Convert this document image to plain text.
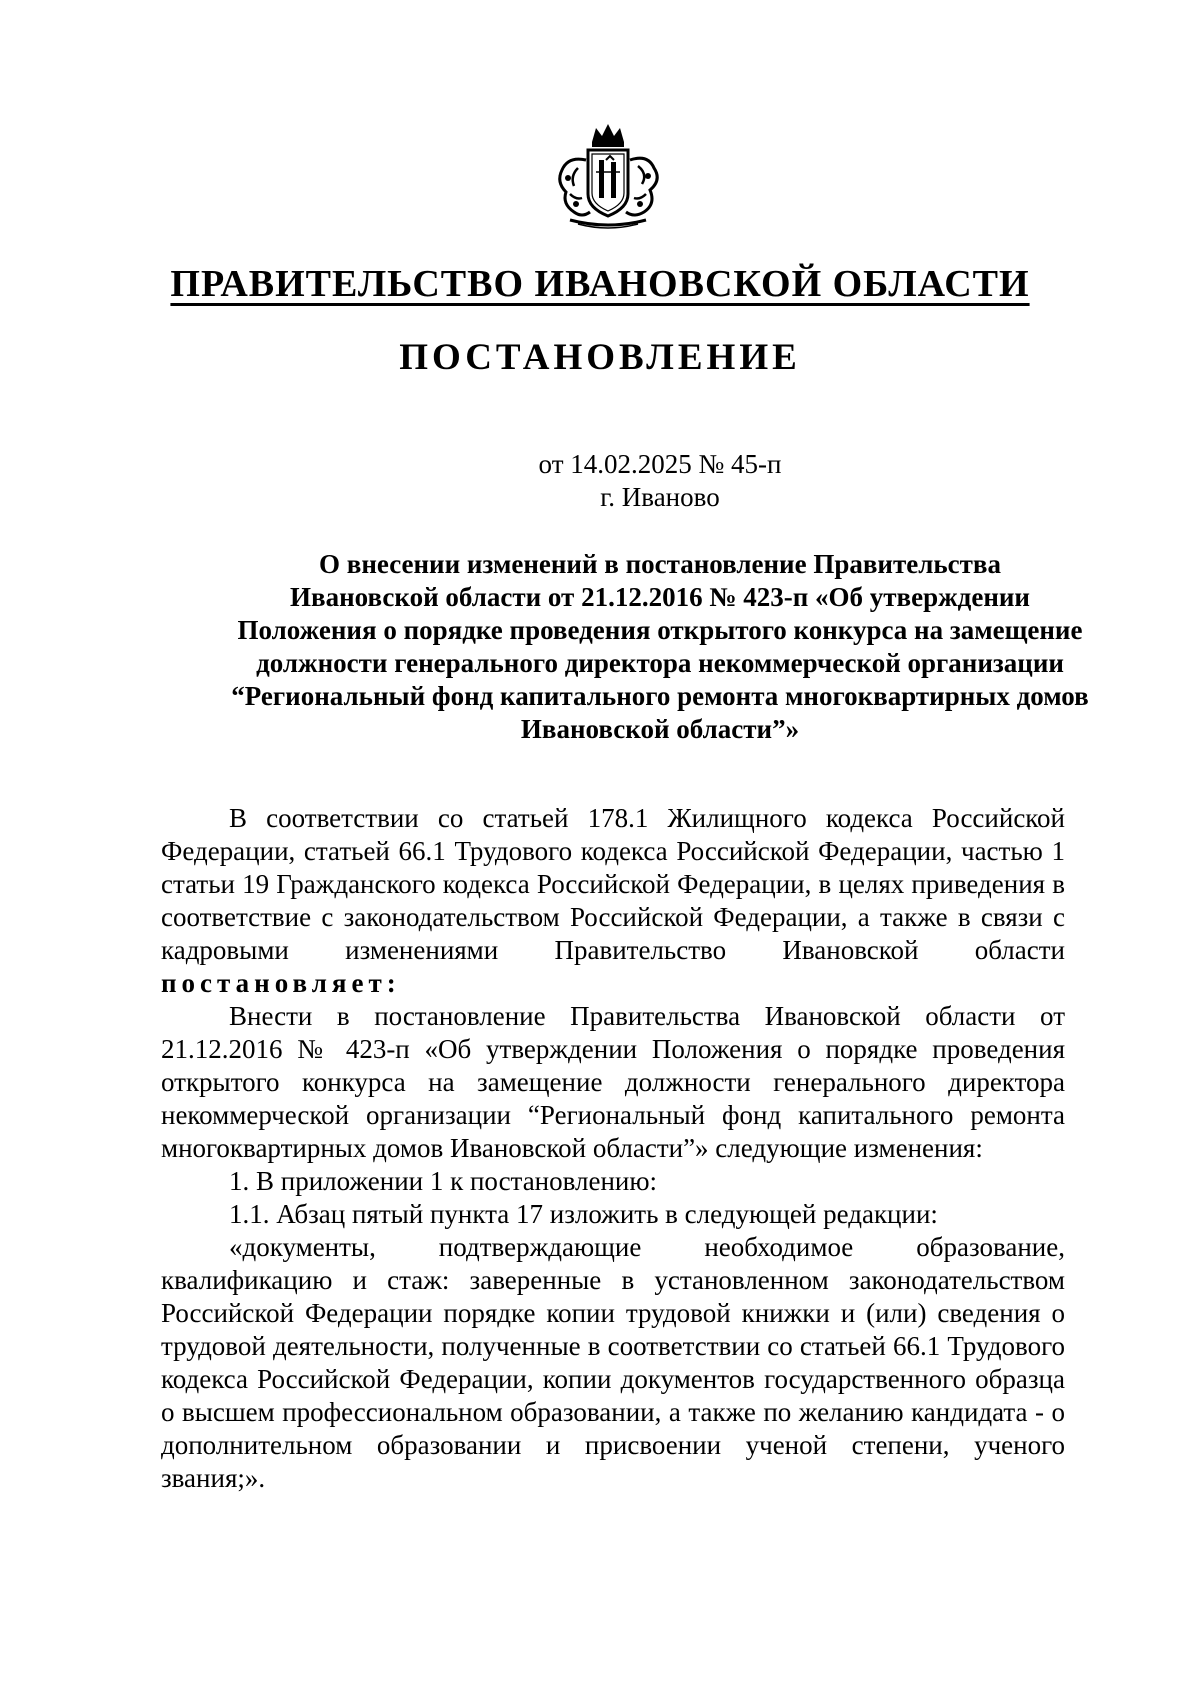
ПРАВИТЕЛЬСТВО ИВАНОВСКОЙ ОБЛАСТИ
ПОСТАНОВЛЕНИЕ
от 14.02.2025 № 45-п
г. Иваново
О внесении изменений в постановление Правительства
Ивановской области от 21.12.2016 № 423-п «Об утверждении
Положения о порядке проведения открытого конкурса на замещение
должности генерального директора некоммерческой организации
“Региональный фонд капитального ремонта многоквартирных домов
Ивановской области”»

В соответствии со статьей 178.1 Жилищного кодекса Российской Федерации, статьей 66.1 Трудового кодекса Российской Федерации, частью 1 статьи 19 Гражданского кодекса Российской Федерации, в целях приведения в соответствие с законодательством Российской Федерации, а также в связи с кадровыми изменениями Правительство Ивановской области постановляет:

Внести в постановление Правительства Ивановской области от 21.12.2016 № 423-п «Об утверждении Положения о порядке проведения открытого конкурса на замещение должности генерального директора некоммерческой организации “Региональный фонд капитального ремонта многоквартирных домов Ивановской области”» следующие изменения:

1. В приложении 1 к постановлению:

1.1. Абзац пятый пункта 17 изложить в следующей редакции:

«документы, подтверждающие необходимое образование, квалификацию и стаж: заверенные в установленном законодательством Российской Федерации порядке копии трудовой книжки и (или) сведения о трудовой деятельности, полученные в соответствии со статьей 66.1 Трудового кодекса Российской Федерации, копии документов государственного образца о высшем профессиональном образовании, а также по желанию кандидата - о дополнительном образовании и присвоении ученой степени, ученого звания;».
